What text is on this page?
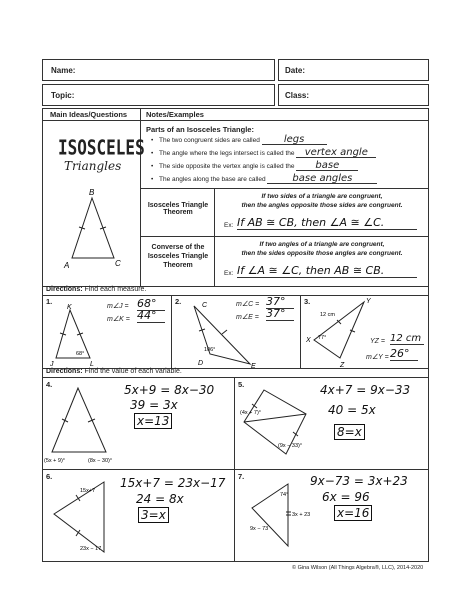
Name:	Date:
Topic:	Class:
Main Ideas/Questions	Notes/Examples
ISOSCELES
Triangles
B
A	C
Parts of an Isosceles Triangle:
• The two congruent sides are called legs
• The angle where the legs intersect is called the vertex angle
• The side opposite the vertex angle is called the base
• The angles along the base are called	base angles
Isosceles Triangle Theorem
If two sides of a triangle are congruent,
then the angles opposite those sides are congruent.
Ex: If AB ≅ CB, then ∠A ≅ ∠C.
Converse of the Isosceles Triangle Theorem
If two angles of a triangle are congruent,
then the sides opposite those angles are congruent.
Ex: If ∠A ≅ ∠C, then AB ≅ CB.
Directions: Find each measure.
1.
K
J	L
68°
m∠J = 68°
m∠K = 44°
2.	C
D	E
106°
m∠C = 37°
m∠E = 37°
3.	Y
X
Z
12 cm
77°	YZ = 12 cm
m∠Y = 26°
Directions: Find the value of each variable.
4.
(5x + 9)°	(8x − 30)°
5x+9 = 8x−30
39 = 3x
x=13
5.
(4x + 7)°
(9x − 33)°
4x+7 = 9x−33
40 = 5x
8=x
6.
15x+7
23x − 17
15x+7 = 23x−17
24 = 8x
3=x
7.
74°
3x + 23
9x − 73
9x−73 = 3x+23
6x = 96
x=16
© Gina Wilson (All Things Algebra®, LLC), 2014-2020
